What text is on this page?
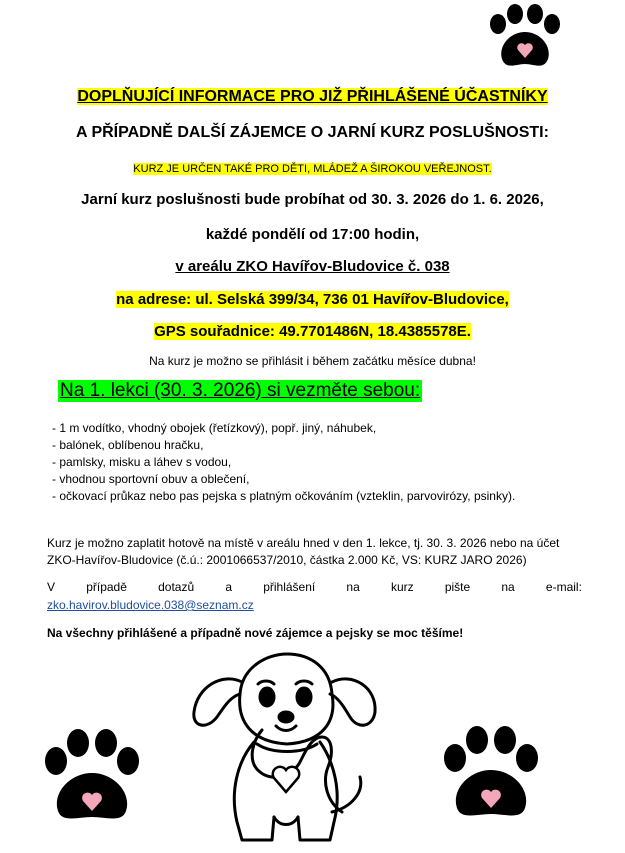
DOPLŇUJÍCÍ INFORMACE PRO JIŽ PŘIHLÁŠENÉ ÚČASTNÍKY
A PŘÍPADNĚ DALŠÍ ZÁJEMCE O JARNÍ KURZ POSLUŠNOSTI:
KURZ JE URČEN TAKÉ PRO DĚTI, MLÁDEŽ A ŠIROKOU VEŘEJNOST.
Jarní kurz poslušnosti bude probíhat od 30. 3. 2026 do 1. 6. 2026,
každé pondělí od 17:00 hodin,
v areálu ZKO Havířov-Bludovice č. 038
na adrese: ul. Selská 399/34, 736 01 Havířov-Bludovice,
GPS souřadnice: 49.7701486N, 18.4385578E.
Na kurz je možno se přihlásit i během začátku měsíce dubna!
Na 1. lekci (30. 3. 2026) si vezměte sebou:
- 1 m vodítko, vhodný obojek (řetízkový), popř. jiný, náhubek,
- balónek, oblíbenou hračku,
- pamlsky, misku a láhev s vodou,
- vhodnou sportovní obuv a oblečení,
- očkovací průkaz nebo pas pejska s platným očkováním (vzteklin, parvovirózy, psinky).
Kurz je možno zaplatit hotově na místě v areálu hned v den 1. lekce, tj. 30. 3. 2026 nebo na účet ZKO-Havířov-Bludovice (č.ú.: 2001066537/2010, částka 2.000 Kč, VS: KURZ JARO 2026)
V	případě	dotazů	a	přihlášení	na	kurz	pište	na	e-mail:
zko.havirov.bludovice.038@seznam.cz
Na všechny přihlášené a případně nové zájemce a pejsky se moc těšíme!
